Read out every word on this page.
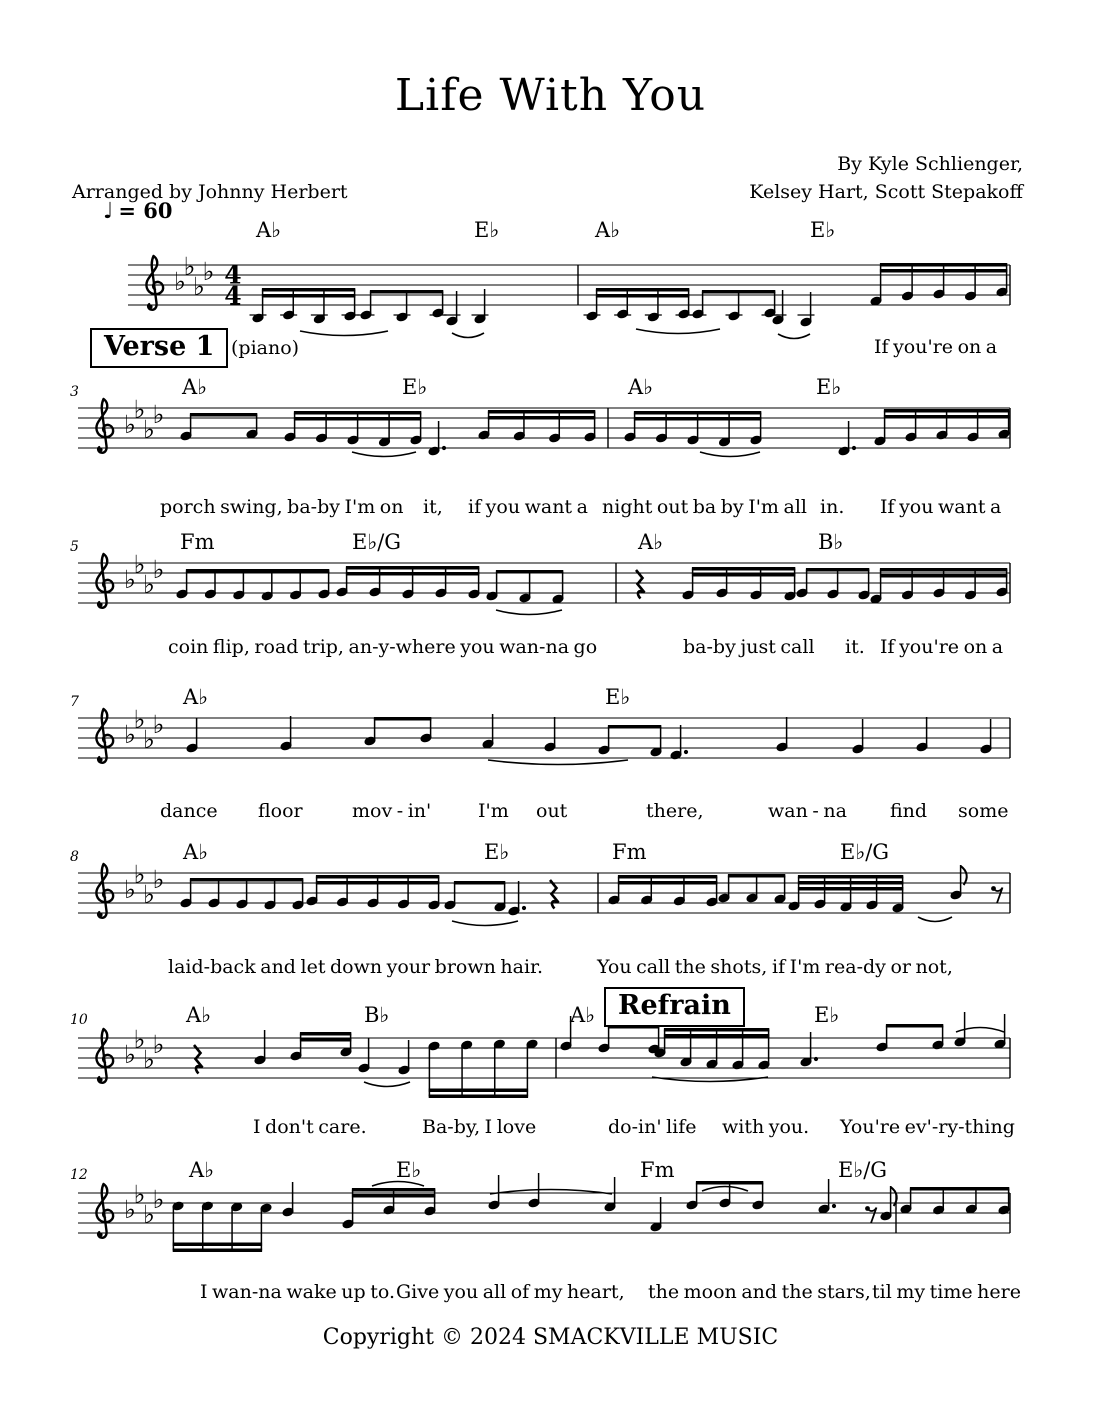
♭
♭
♭
♭ 4
4
♭
♭
♭
♭
♭
♭
♭
♭
♭
♭
♭
♭
♭
♭
♭
♭
♭
♭
♭
♭
♭
♭
♭
♭
Life With You
Arranged by Johnny Herbert
By Kyle Schlienger,
Kelsey Hart, Scott Stepakoff
♩ = 60
Verse 1 (piano)
Refrain
Copyright © 2024 SMACKVILLE MUSIC
A♭	E♭	A♭	E♭
If you're on a
3	A♭	E♭	A♭	E♭
porch swing, ba-by I'm on it, if you want a night out ba by I'm all in. If you want a
5	Fm	E♭/G	A♭	B♭
coin flip, road trip, an-y-where you wan-na go	ba-by just call it. If you're on a
7	A♭	E♭
dance floor	mov - in' I'm out	there,	wan - na find some
8	A♭	E♭	Fm	E♭/G
laid-back and let down your brown hair.	You call the shots, if I'm rea-dy or not,
10	A♭	B♭	A♭	E♭
I don't care.	Ba-by, I love	do-in' life with you. You're ev'-ry-thing
12	A♭	E♭	Fm	E♭/G
I wan-na wake up to. Give you all of my heart, the moon and the stars, til my time here
